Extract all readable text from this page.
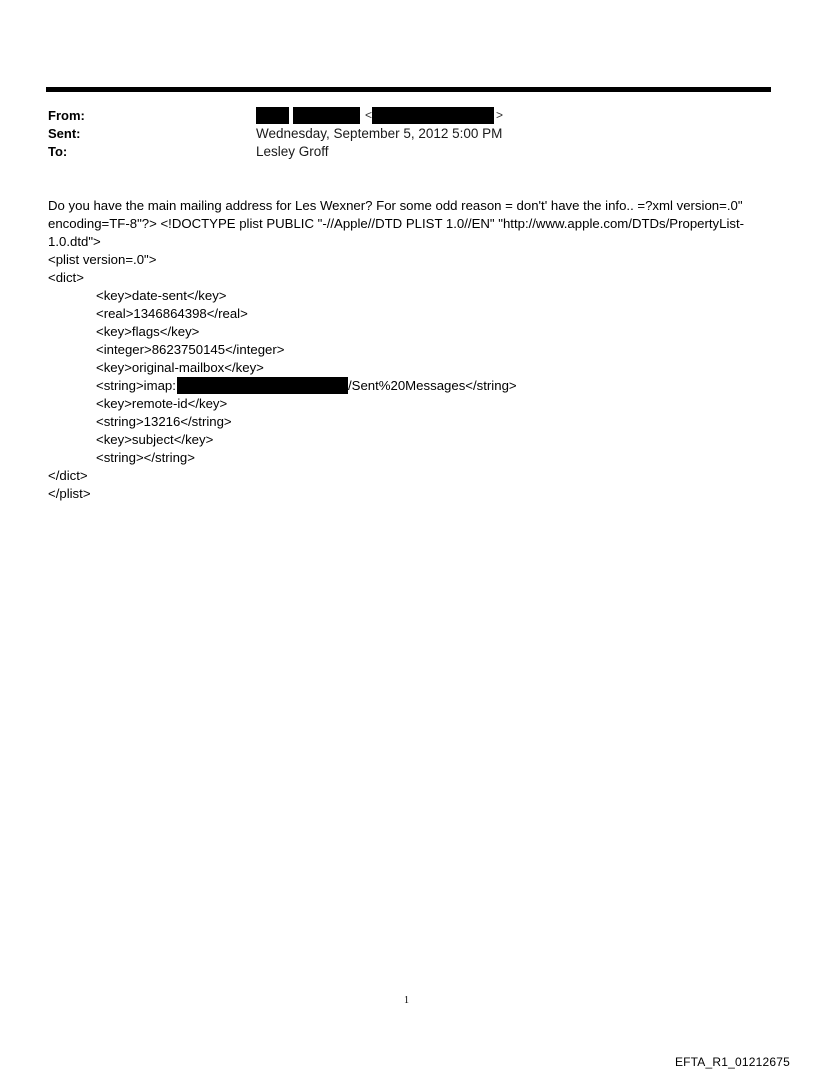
From:
Sent:
To:
<	>
Wednesday, September 5, 2012 5:00 PM
Lesley Groff
Do you have the main mailing address for Les Wexner? For some odd reason = don't' have the info.. =?xml version=.0"
encoding=TF-8"?> <!DOCTYPE plist PUBLIC "-//Apple//DTD PLIST 1.0//EN" "http://www.apple.com/DTDs/PropertyList-
1.0.dtd">
<plist version=.0">
<dict>
<key>date-sent</key>
<real>1346864398</real>
<key>flags</key>
<integer>8623750145</integer>
<key>original-mailbox</key>
<string>imap:	/Sent%20Messages</string>
<key>remote-id</key>
<string>13216</string>
<key>subject</key>
<string></string>
</dict>
</plist>
1
EFTA_R1_01212675
